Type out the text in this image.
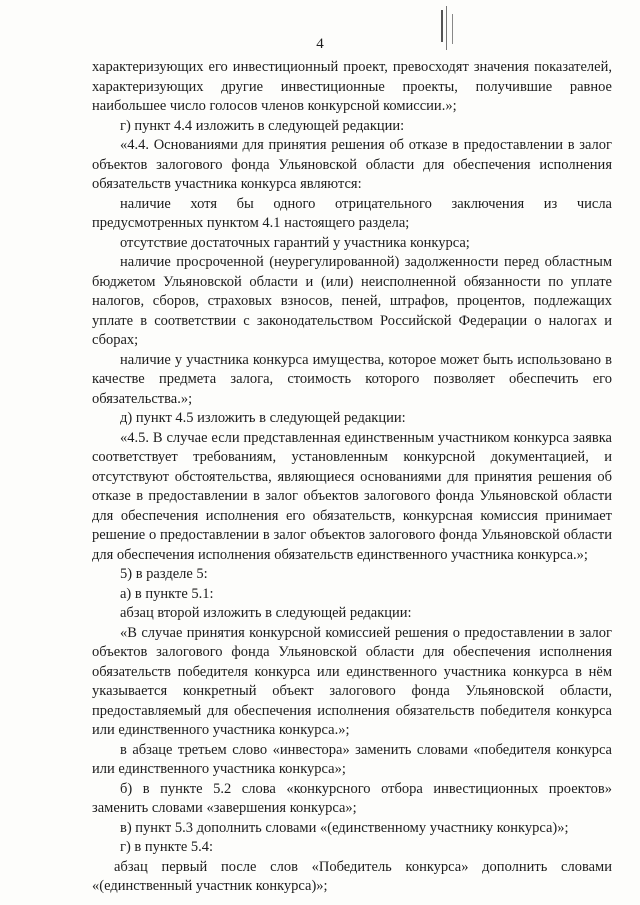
4

характеризующих его инвестиционный проект, превосходят значения показателей, характеризующих другие инвестиционные проекты, получившие равное наибольшее число голосов членов конкурсной комиссии.»;

г) пункт 4.4 изложить в следующей редакции:

«4.4. Основаниями для принятия решения об отказе в предоставлении в залог объектов залогового фонда Ульяновской области для обеспечения исполнения обязательств участника конкурса являются:

наличие хотя бы одного отрицательного заключения из числа предусмотренных пунктом 4.1 настоящего раздела;

отсутствие достаточных гарантий у участника конкурса;

наличие просроченной (неурегулированной) задолженности перед областным бюджетом Ульяновской области и (или) неисполненной обязанности по уплате налогов, сборов, страховых взносов, пеней, штрафов, процентов, подлежащих уплате в соответствии с законодательством Российской Федерации о налогах и сборах;

наличие у участника конкурса имущества, которое может быть использовано в качестве предмета залога, стоимость которого позволяет обеспечить его обязательства.»;

д) пункт 4.5 изложить в следующей редакции:

«4.5. В случае если представленная единственным участником конкурса заявка соответствует требованиям, установленным конкурсной документацией, и отсутствуют обстоятельства, являющиеся основаниями для принятия решения об отказе в предоставлении в залог объектов залогового фонда Ульяновской области для обеспечения исполнения его обязательств, конкурсная комиссия принимает решение о предоставлении в залог объектов залогового фонда Ульяновской области для обеспечения исполнения обязательств единственного участника конкурса.»;

5) в разделе 5:

а) в пункте 5.1:

абзац второй изложить в следующей редакции:

«В случае принятия конкурсной комиссией решения о предоставлении в залог объектов залогового фонда Ульяновской области для обеспечения исполнения обязательств победителя конкурса или единственного участника конкурса в нём указывается конкретный объект залогового фонда Ульяновской области, предоставляемый для обеспечения исполнения обязательств победителя конкурса или единственного участника конкурса.»;

в абзаце третьем слово «инвестора» заменить словами «победителя конкурса или единственного участника конкурса»;

б) в пункте 5.2 слова «конкурсного отбора инвестиционных проектов» заменить словами «завершения конкурса»;

в) пункт 5.3 дополнить словами «(единственному участнику конкурса)»;

г) в пункте 5.4:

абзац первый после слов «Победитель конкурса» дополнить словами «(единственный участник конкурса)»;
